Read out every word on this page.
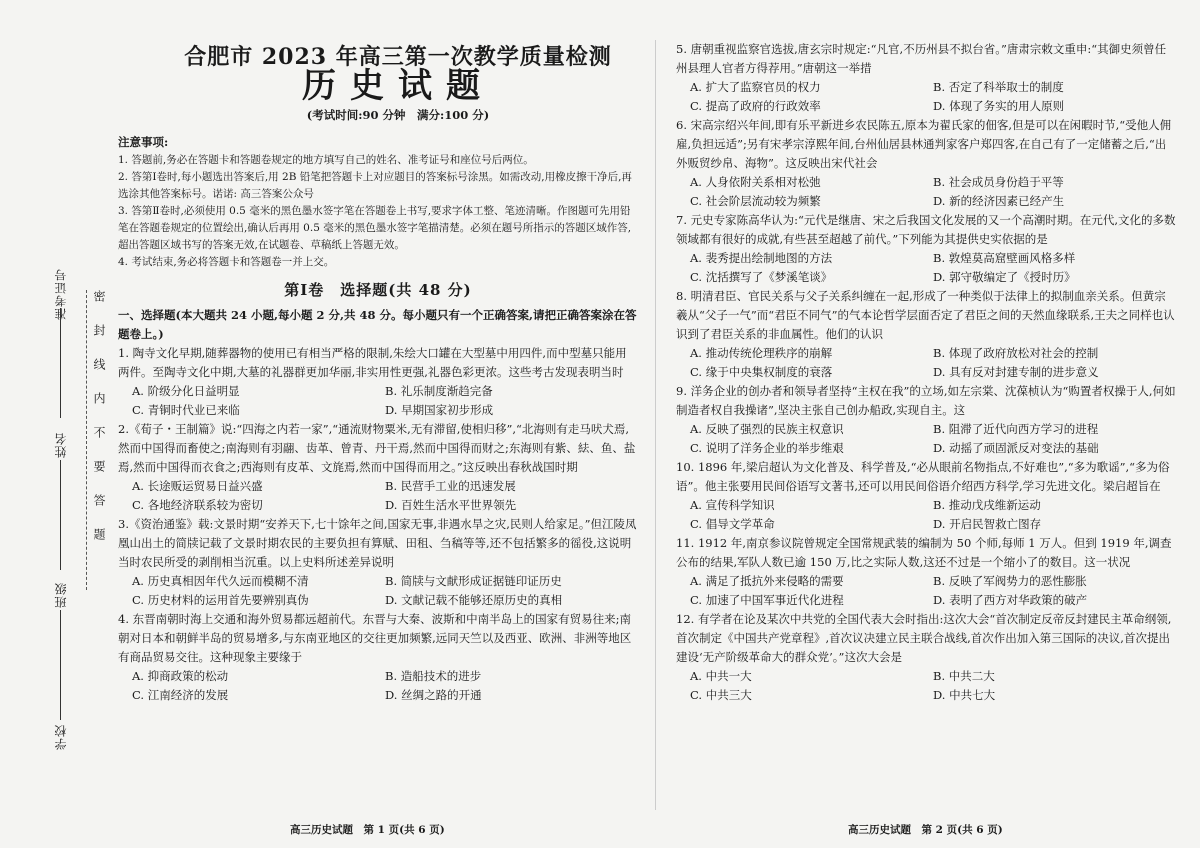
准考证号
姓名
班级
学校
密封线内不要答题
合肥市 2023 年高三第一次教学质量检测
历史试题
(考试时间:90 分钟　满分:100 分)
注意事项:
1. 答题前,务必在答题卡和答题卷规定的地方填写自己的姓名、准考证号和座位号后两位。
2. 答第Ⅰ卷时,每小题选出答案后,用 2B 铅笔把答题卡上对应题目的答案标号涂黑。如需改动,用橡皮擦干净后,再选涂其他答案标号。诺诺: 高三答案公众号
3. 答第Ⅱ卷时,必须使用 0.5 毫米的黑色墨水签字笔在答题卷上书写,要求字体工整、笔迹清晰。作图题可先用铅笔在答题卷规定的位置绘出,确认后再用 0.5 毫米的黑色墨水签字笔描清楚。必须在题号所指示的答题区域作答,超出答题区域书写的答案无效,在试题卷、草稿纸上答题无效。
4. 考试结束,务必将答题卡和答题卷一并上交。
第Ⅰ卷　选择题(共 48 分)
一、选择题(本大题共 24 小题,每小题 2 分,共 48 分。每小题只有一个正确答案,请把正确答案涂在答题卷上。)
1. 陶寺文化早期,随葬器物的使用已有相当严格的限制,朱绘大口罐在大型墓中用四件,而中型墓只能用两件。至陶寺文化中期,大墓的礼器群更加华丽,非实用性更强,礼器色彩更浓。这些考古发现表明当时
A. 阶级分化日益明显	B. 礼乐制度渐趋完备
C. 青铜时代业已来临	D. 早期国家初步形成
2.《荀子・王制篇》说:“四海之内若一家”,“通流财物粟米,无有滞留,使相归移”,“北海则有走马吠犬焉,然而中国得而畜使之;南海则有羽翮、齿革、曾青、丹干焉,然而中国得而财之;东海则有紫、紶、鱼、盐焉,然而中国得而衣食之;西海则有皮革、文旄焉,然而中国得而用之。”这反映出春秋战国时期
A. 长途贩运贸易日益兴盛	B. 民营手工业的迅速发展
C. 各地经济联系较为密切	D. 百姓生活水平世界领先
3.《资治通鉴》载:文景时期“安养天下,七十馀年之间,国家无事,非遇水旱之灾,民则人给家足。”但江陵凤凰山出土的简牍记载了文景时期农民的主要负担有算赋、田租、刍稿等等,还不包括繁多的徭役,这说明当时农民所受的剥削相当沉重。以上史料所述差异说明
A. 历史真相因年代久远而模糊不清	B. 简牍与文献形成证据链印证历史
C. 历史材料的运用首先要辨别真伪	D. 文献记载不能够还原历史的真相
4. 东晋南朝时海上交通和海外贸易都远超前代。东晋与大秦、波斯和中南半岛上的国家有贸易往来;南朝对日本和朝鲜半岛的贸易增多,与东南亚地区的交往更加频繁,远同天竺以及西亚、欧洲、非洲等地区有商品贸易交往。这种现象主要缘于
A. 抑商政策的松动	B. 造船技术的进步
C. 江南经济的发展	D. 丝绸之路的开通
5. 唐朝重视监察官选拔,唐玄宗时规定:“凡官,不历州县不拟台省。”唐肃宗敕文重申:“其御史须曾任州县理人官者方得荐用。”唐朝这一举措
A. 扩大了监察官员的权力	B. 否定了科举取士的制度
C. 提高了政府的行政效率	D. 体现了务实的用人原则
6. 宋高宗绍兴年间,即有乐平新进乡农民陈五,原本为翟氏家的佃客,但是可以在闲暇时节,“受他人佣雇,负担远适”;另有宋孝宗淳熙年间,台州仙居县林通判家客户郑四客,在自己有了一定储蓄之后,“出外贩贸纱帛、海物”。这反映出宋代社会
A. 人身依附关系相对松弛	B. 社会成员身份趋于平等
C. 社会阶层流动较为频繁	D. 新的经济因素已经产生
7. 元史专家陈高华认为:“元代是继唐、宋之后我国文化发展的又一个高潮时期。在元代,文化的多数领域都有很好的成就,有些甚至超越了前代。”下列能为其提供史实依据的是
A. 裴秀提出绘制地图的方法	B. 敦煌莫高窟壁画风格多样
C. 沈括撰写了《梦溪笔谈》	D. 郭守敬编定了《授时历》
8. 明清君臣、官民关系与父子关系纠缠在一起,形成了一种类似于法律上的拟制血亲关系。但黄宗羲从“父子一气”而“君臣不同气”的气本论哲学层面否定了君臣之间的天然血缘联系,王夫之同样也认识到了君臣关系的非血属性。他们的认识
A. 推动传统伦理秩序的崩解	B. 体现了政府放松对社会的控制
C. 缘于中央集权制度的衰落	D. 具有反对封建专制的进步意义
9. 洋务企业的创办者和领导者坚持“主权在我”的立场,如左宗棠、沈葆桢认为“购置者权操于人,何如制造者权自我操诸”,坚决主张自己创办船政,实现自主。这
A. 反映了强烈的民族主权意识	B. 阻滞了近代向西方学习的进程
C. 说明了洋务企业的举步维艰	D. 动摇了顽固派反对变法的基础
10. 1896 年,梁启超认为文化普及、科学普及,“必从眼前名物指点,不好难也”,“多为歌谣”,“多为俗语”。他主张要用民间俗语写文著书,还可以用民间俗语介绍西方科学,学习先进文化。梁启超旨在
A. 宣传科学知识	B. 推动戊戌维新运动
C. 倡导文学革命	D. 开启民智救亡图存
11. 1912 年,南京参议院曾规定全国常规武装的编制为 50 个师,每师 1 万人。但到 1919 年,调查公布的结果,军队人数已逾 150 万,比之实际人数,这还不过是一个缩小了的数目。这一状况
A. 满足了抵抗外来侵略的需要	B. 反映了军阀势力的恶性膨胀
C. 加速了中国军事近代化进程	D. 表明了西方对华政策的破产
12. 有学者在论及某次中共党的全国代表大会时指出:这次大会“首次制定反帝反封建民主革命纲领,首次制定《中国共产党章程》,首次议决建立民主联合战线,首次作出加入第三国际的决议,首次提出建设‘无产阶级革命大的群众党’。”这次大会是
A. 中共一大	B. 中共二大
C. 中共三大	D. 中共七大
高三历史试题　第 1 页(共 6 页)	高三历史试题　第 2 页(共 6 页)
